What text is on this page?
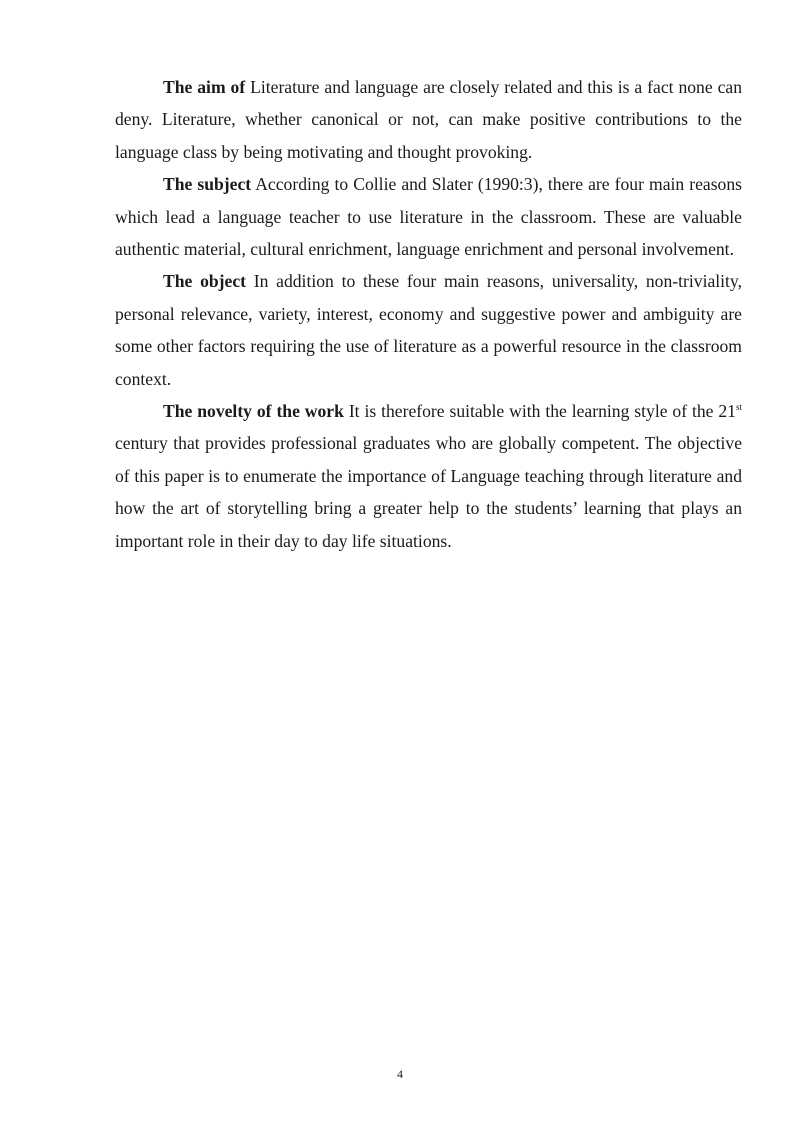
The aim of Literature and language are closely related and this is a fact none can deny. Literature, whether canonical or not, can make positive contributions to the language class by being motivating and thought provoking.

The subject According to Collie and Slater (1990:3), there are four main reasons which lead a language teacher to use literature in the classroom. These are valuable authentic material, cultural enrichment, language enrichment and personal involvement.

The object In addition to these four main reasons, universality, non-triviality, personal relevance, variety, interest, economy and suggestive power and ambiguity are some other factors requiring the use of literature as a powerful resource in the classroom context.

The novelty of the work It is therefore suitable with the learning style of the 21st century that provides professional graduates who are globally competent. The objective of this paper is to enumerate the importance of Language teaching through literature and how the art of storytelling bring a greater help to the students’ learning that plays an important role in their day to day life situations.

4
